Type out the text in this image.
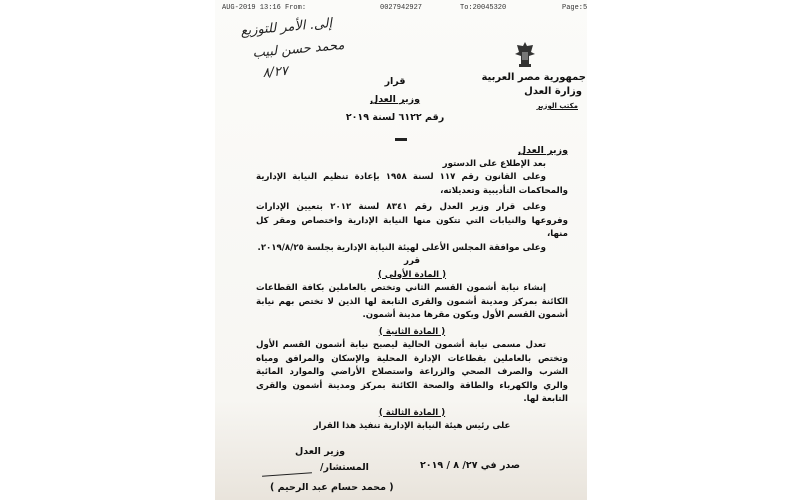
AUG-2019 13:16 From:	0027942927	To:20045320	Page:5
إلى. الأمر للتوزيع
محمد حسن لبيب
٨/٢٧	جمهورية مصر العربية
وزارة العدل
مكتب الوزير
قرار
وزير العدل
رقم ٦١٢٢ لسنة ٢٠١٩

وزير العدل

بعد الإطلاع على الدستور

وعلى القانون رقم ١١٧ لسنة ١٩٥٨ بإعادة تنظيم النيابة الإدارية والمحاكمات التأديبية وتعديلاته،

وعلى قرار وزير العدل رقم ٨٣٤١ لسنة ٢٠١٢ بتعيين الإدارات وفروعها والنيابات التي تتكون منها النيابة الإدارية واختصاص ومقر كل منها،

وعلى موافقة المجلس الأعلى لهيئة النيابة الإدارية بجلسة ٢٠١٩/٨/٢٥.

قرر

( المادة الأولى )

إنشاء نيابة أشمون القسم الثاني وتختص بالعاملين بكافة القطاعات الكائنة بمركز ومدينة أشمون والقرى التابعة لها الذين لا تختص بهم نيابة أشمون القسم الأول ويكون مقرها مدينة أشمون.

( المادة الثانية )

تعدل مسمى نيابة أشمون الحالية ليصبح نيابة أشمون القسم الأول وتختص بالعاملين بقطاعات الإدارة المحلية والإسكان والمرافق ومياه الشرب والصرف الصحي والزراعة واستصلاح الأراضي والموارد المائية والري والكهرباء والطاقة والصحة الكائنة بمركز ومدينة أشمون والقرى التابعة لها.

( المادة الثالثة )

على رئيس هيئة النيابة الإدارية تنفيذ هذا القرار

وزير العدل
المستشار/
( محمد حسام عبد الرحيم )
صدر في ٢٧/ ٨ / ٢٠١٩
